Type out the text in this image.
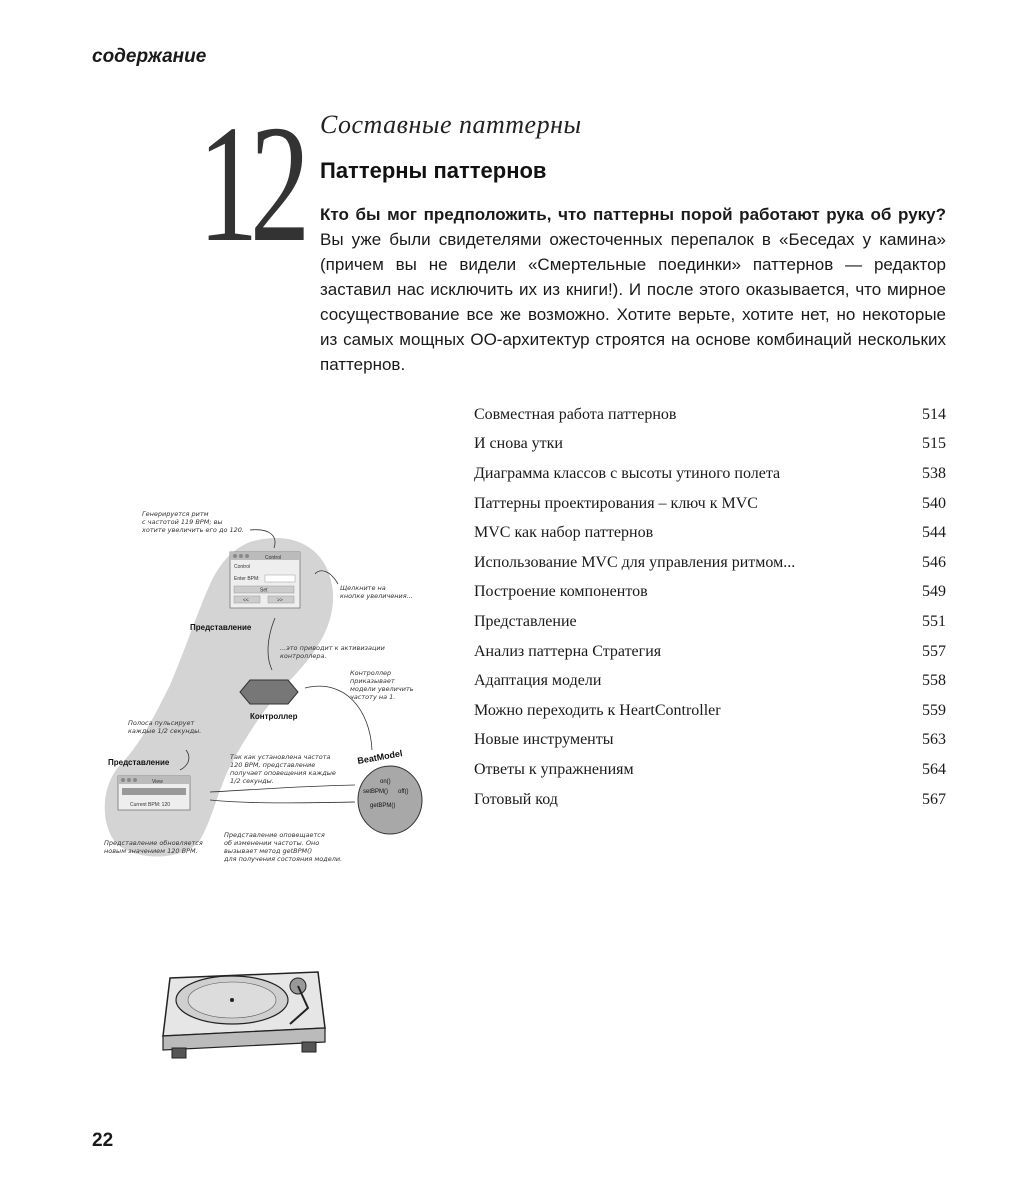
содержание
12 Составные паттерны
Паттерны паттернов
Кто бы мог предположить, что паттерны порой работают рука об руку? Вы уже были свидетелями ожесточенных перепалок в «Беседах у камина» (причем вы не видели «Смертельные поединки» паттернов — редактор заставил нас исключить их из книги!). И после этого оказывается, что мирное сосуществование все же возможно. Хотите верьте, хотите нет, но некоторые из самых мощных ОО-архитектур строятся на основе комбинаций нескольких паттернов.
Совместная работа паттернов	514
И снова утки	515
Диаграмма классов с высоты утиного полета	538
Паттерны проектирования – ключ к MVC	540
MVC как набор паттернов	544
Использование MVC для управления ритмом...	546
Построение компонентов	549
Представление	551
Анализ паттерна Стратегия	557
Адаптация модели	558
Можно переходить к HeartController	559
Новые инструменты	563
Ответы к упражнениям	564
Готовый код	567
Генерируется ритм
с частотой 119 BPM; вы
хотите увеличить его до 120.
Control
Control
Enter BPM:
Set
<<	>>
Щелкните на
кнопке увеличения...
Представление
...это приводит к активизации
контроллера.
Контроллер
Контроллер
приказывает
модели увеличить
частоту на 1.
Полоса пульсирует
каждые 1/2 секунды.
Представление
View
Current BPM: 120
Так как установлена частота
120 BPM, представление
получает оповещения каждые
1/2 секунды.
BeatModel
on()
setBPM() off()
getBPM()
Представление обновляется
новым значением 120 BPM.
Представление оповещается
об изменении частоты. Оно
вызывает метод getBPM()
для получения состояния модели.
22
